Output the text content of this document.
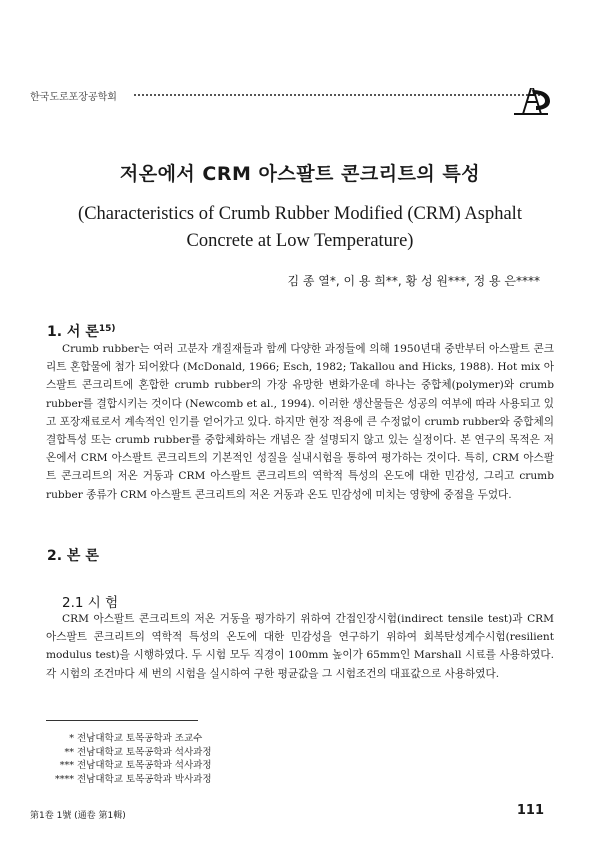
한국도로포장공학회
저온에서 CRM 아스팔트 콘크리트의 특성
(Characteristics of Crumb Rubber Modified (CRM) Asphalt Concrete at Low Temperature)
김 종 열*, 이 용 희**, 황 성 원***, 정 용 은****
1. 서 론$^{15)}$

Crumb rubber는 여러 고분자 개질재들과 함께 다양한 과정들에 의해 1950년대 중반부터 아스팔트 콘크리트 혼합물에 첨가 되어왔다 (McDonald, 1966; Esch, 1982; Takallou and Hicks, 1988). Hot mix 아스팔트 콘크리트에 혼합한 crumb rubber의 가장 유망한 변화가운데 하나는 중합체(polymer)와 crumb rubber를 결합시키는 것이다 (Newcomb et al., 1994). 이러한 생산물들은 성공의 여부에 따라 사용되고 있고 포장재료로서 계속적인 인기를 얻어가고 있다. 하지만 현장 적용에 큰 수정없이 crumb rubber와 중합체의 결합특성 또는 crumb rubber를 중합체화하는 개념은 잘 설명되지 않고 있는 실정이다. 본 연구의 목적은 저온에서 CRM 아스팔트 콘크리트의 기본적인 성질을 실내시험을 통하여 평가하는 것이다. 특히, CRM 아스팔트 콘크리트의 저온 거동과 CRM 아스팔트 콘크리트의 역학적 특성의 온도에 대한 민감성, 그리고 crumb rubber 종류가 CRM 아스팔트 콘크리트의 저온 거동과 온도 민감성에 미치는 영향에 중점을 두었다.

2. 본 론
2.1 시 험

CRM 아스팔트 콘크리트의 저온 거동을 평가하기 위하여 간접인장시험(indirect tensile test)과 CRM 아스팔트 콘크리트의 역학적 특성의 온도에 대한 민감성을 연구하기 위하여 회복탄성계수시험(resilient modulus test)을 시행하였다. 두 시험 모두 직경이 100mm 높이가 65mm인 Marshall 시료를 사용하였다. 각 시험의 조건마다 세 번의 시험을 실시하여 구한 평균값을 그 시험조건의 대표값으로 사용하였다.

* 전남대학교 토목공학과 조교수
** 전남대학교 토목공학과 석사과정
*** 전남대학교 토목공학과 석사과정
**** 전남대학교 토목공학과 박사과정
第1卷 1號 (通卷 第1輯)	111
